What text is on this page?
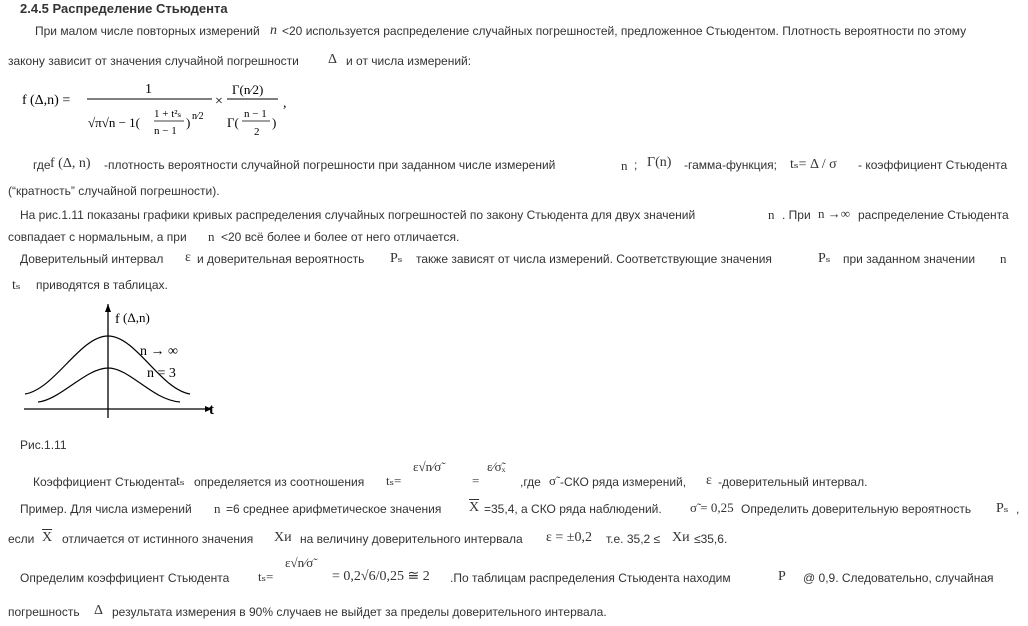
2.4.5 Распределение Стьюдента
При малом числе повторных измерений n <20 используется распределение случайных погрешностей, предложенное Стьюдентом. Плотность вероятности по этому
закону зависит от значения случайной погрешности Δ и от числа измерений:
f (Δ,n) =
1
√π√n − 1(
1 + t²ₛ
n − 1
) n⁄2
×
Γ(n⁄2)
Γ(
n − 1
2
)
,
где f (Δ, n) -плотность вероятности случайной погрешности при заданном числе измерений	n ; Γ(n) -гамма-функция; tₛ= Δ / σ - коэффициент Стьюдента
(“кратность” случайной погрешности).
На рис.1.11 показаны графики кривых распределения случайных погрешностей по закону Стьюдента для двух значений	n . При n →∞ распределение Стьюдента
совпадает с нормальным, а при n <20 всё более и более от него отличается.
Доверительный интервал ε и доверительная вероятность Pₛ также зависят от числа измерений. Соответствующие значения	Pₛ при заданном значении n
tₛ приводятся в таблицах.
f (Δ,n)
n → ∞
n = 3
t
Рис.1.11
Коэффициент Стьюдента tₛ определяется из соотношения tₛ=
ε√n⁄σ̃
=
ε⁄σ̃ₓ
,где σ̃ -СКО ряда измерений, ε -доверительный интервал.
Пример. Для числа измерений n =6 среднее арифметическое значения $\overline{X} =35,4$, а СКО ряда наблюдений. σ̃ = 0,25 Определить доверительную вероятность Pₛ ,
если $\overline{X}$ отличается от истинного значения Xи на величину доверительного интервала ε = ±0,2 т.е. 35,2 ≤ Xи ≤35,6.
Определим коэффициент Стьюдента tₛ=
ε√n⁄σ̃
= 0,2√6/0,25 ≅ 2 .По таблицам распределения Стьюдента находим	P @ 0,9. Следовательно, случайная
погрешность Δ результата измерения в 90% случаев не выйдет за пределы доверительного интервала.
